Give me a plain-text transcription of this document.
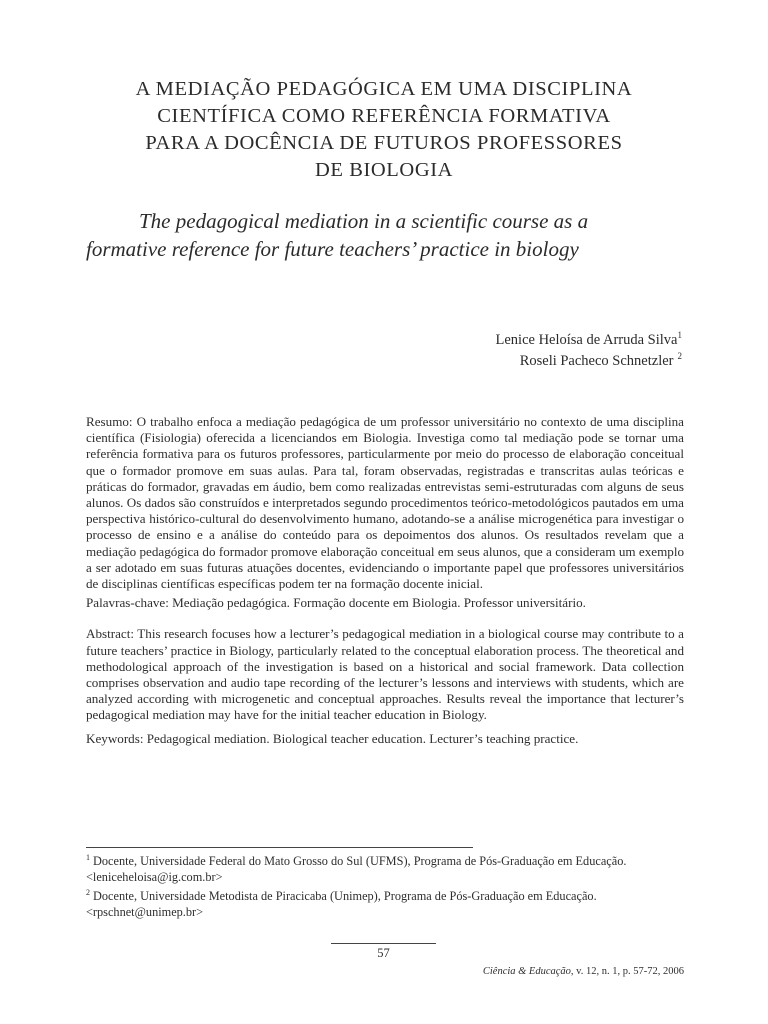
A MEDIAÇÃO PEDAGÓGICA EM UMA DISCIPLINA
CIENTÍFICA COMO REFERÊNCIA FORMATIVA
PARA A DOCÊNCIA DE FUTUROS PROFESSORES
DE BIOLOGIA
The pedagogical mediation in a scientific course as a
formative reference for future teachers’ practice in biology
Lenice Heloísa de Arruda Silva$^1$
Roseli Pacheco Schnetzler $^2$

Resumo: O trabalho enfoca a mediação pedagógica de um professor universitário no contexto de uma disciplina científica (Fisiologia) oferecida a licenciandos em Biologia. Investiga como tal mediação pode se tornar uma referência formativa para os futuros professores, particularmente por meio do processo de elaboração conceitual que o formador promove em suas aulas. Para tal, foram observadas, registradas e transcritas aulas teóricas e práticas do formador, gravadas em áudio, bem como realizadas entrevistas semi-estruturadas com alguns de seus alunos. Os dados são construídos e interpretados segundo procedimentos teórico-metodológicos pautados em uma perspectiva histórico-cultural do desenvolvimento humano, adotando-se a análise microgenética para investigar o processo de ensino e a análise do conteúdo para os depoimentos dos alunos. Os resultados revelam que a mediação pedagógica do formador promove elaboração conceitual em seus alunos, que a consideram um exemplo a ser adotado em suas futuras atuações docentes, evidenciando o importante papel que professores universitários de disciplinas científicas específicas podem ter na formação docente inicial.

Palavras-chave: Mediação pedagógica. Formação docente em Biologia. Professor universitário.

Abstract: This research focuses how a lecturer’s pedagogical mediation in a biological course may contribute to a future teachers’ practice in Biology, particularly related to the conceptual elaboration process. The theoretical and methodological approach of the investigation is based on a historical and social framework. Data collection comprises observation and audio tape recording of the lecturer’s lessons and interviews with students, which are analyzed according with microgenetic and conceptual approaches. Results reveal the importance that lecturer’s pedagogical mediation may have for the initial teacher education in Biology.

Keywords: Pedagogical mediation. Biological teacher education. Lecturer’s teaching practice.

$^1$ Docente, Universidade Federal do Mato Grosso do Sul (UFMS), Programa de Pós-Graduação em Educação.
<leniceheloisa@ig.com.br>

$^2$ Docente, Universidade Metodista de Piracicaba (Unimep), Programa de Pós-Graduação em Educação.
<rpschnet@unimep.br>

57
Ciência & Educação, v. 12, n. 1, p. 57-72, 2006
